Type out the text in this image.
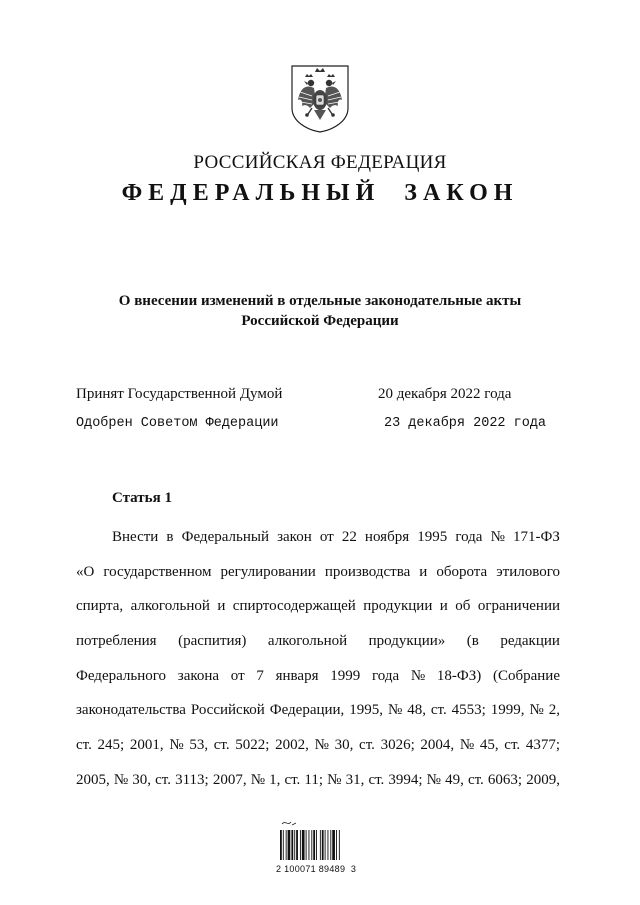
РОССИЙСКАЯ ФЕДЕРАЦИЯ
ФЕДЕРАЛЬНЫЙ  ЗАКОН
О внесении изменений в отдельные законодательные акты
Российской Федерации
Принят Государственной Думой	20 декабря 2022 года
Одобрен Советом Федерации	23 декабря 2022 года
Статья 1
Внести в Федеральный закон от 22 ноября 1995 года № 171-ФЗ
«О государственном регулировании производства и оборота этилового
спирта, алкогольной и спиртосодержащей продукции и об ограничении
потребления (распития) алкогольной продукции» (в редакции
Федерального закона от 7 января 1999 года № 18-ФЗ) (Собрание
законодательства Российской Федерации, 1995, № 48, ст. 4553; 1999, № 2,
ст. 245; 2001, № 53, ст. 5022; 2002, № 30, ст. 3026; 2004, № 45, ст. 4377;
2005, № 30, ст. 3113; 2007, № 1, ст. 11; № 31, ст. 3994; № 49, ст. 6063; 2009,
2 100071 89489  3
